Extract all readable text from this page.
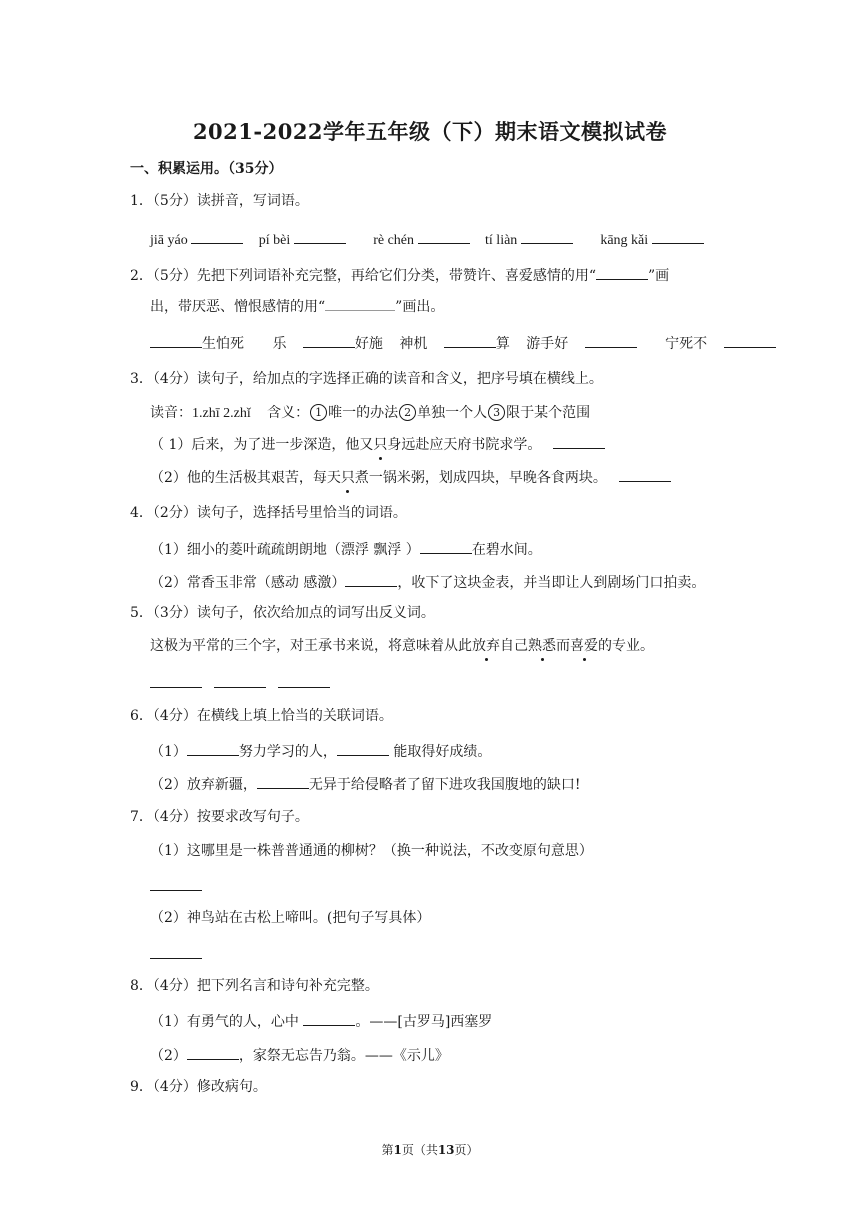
2021-2022学年五年级（下）期末语文模拟试卷
一、积累运用。（35分）
1．（5分）读拼音，写词语。
jiā yáo	pí bèi	rè chén	tí liàn	kāng kǎi
2．（5分）先把下列词语补充完整，再给它们分类，带赞许、喜爱感情的用“	”画
出，带厌恶、憎恨感情的用“	”画出。
生怕死 乐	好施 神机	算 游手好	宁死不
3．（4分）读句子，给加点的字选择正确的读音和含义，把序号填在横线上。
读音：1.zhī 2.zhǐ 含义： 1 唯一的办法 2 单独一个人 3 限于某个范围
（ 1）后来，为了进一步深造，他又只身远赴应天府书院求学。
（2）他的生活极其艰苦，每天只煮一锅米粥，划成四块，早晚各食两块。
4．（2分）读句子，选择括号里恰当的词语。
（1）细小的菱叶疏疏朗朗地（漂浮 飘浮 ）	在碧水间。
（2）常香玉非常（感动 感激）	，收下了这块金表，并当即让人到剧场门口拍卖。
5．（3分）读句子，依次给加点的词写出反义词。
这极为平常的三个字，对王承书来说，将意味着从此放弃自己熟悉而喜爱的专业。
6．（4分）在横线上填上恰当的关联词语。
（1）	努力学习的人，	能取得好成绩。
（2）放弃新疆，	无异于给侵略者了留下进攻我国腹地的缺口!
7．（4分）按要求改写句子。
（1）这哪里是一株普普通通的柳树？（换一种说法，不改变原句意思）
（2）神鸟站在古松上啼叫。(把句子写具体）
8．（4分）把下列名言和诗句补充完整。
（1）有勇气的人，心中	。——[古罗马]西塞罗
（2）	，家祭无忘告乃翁。——《示儿》
9．（4分）修改病句。
第1页（共13页）
